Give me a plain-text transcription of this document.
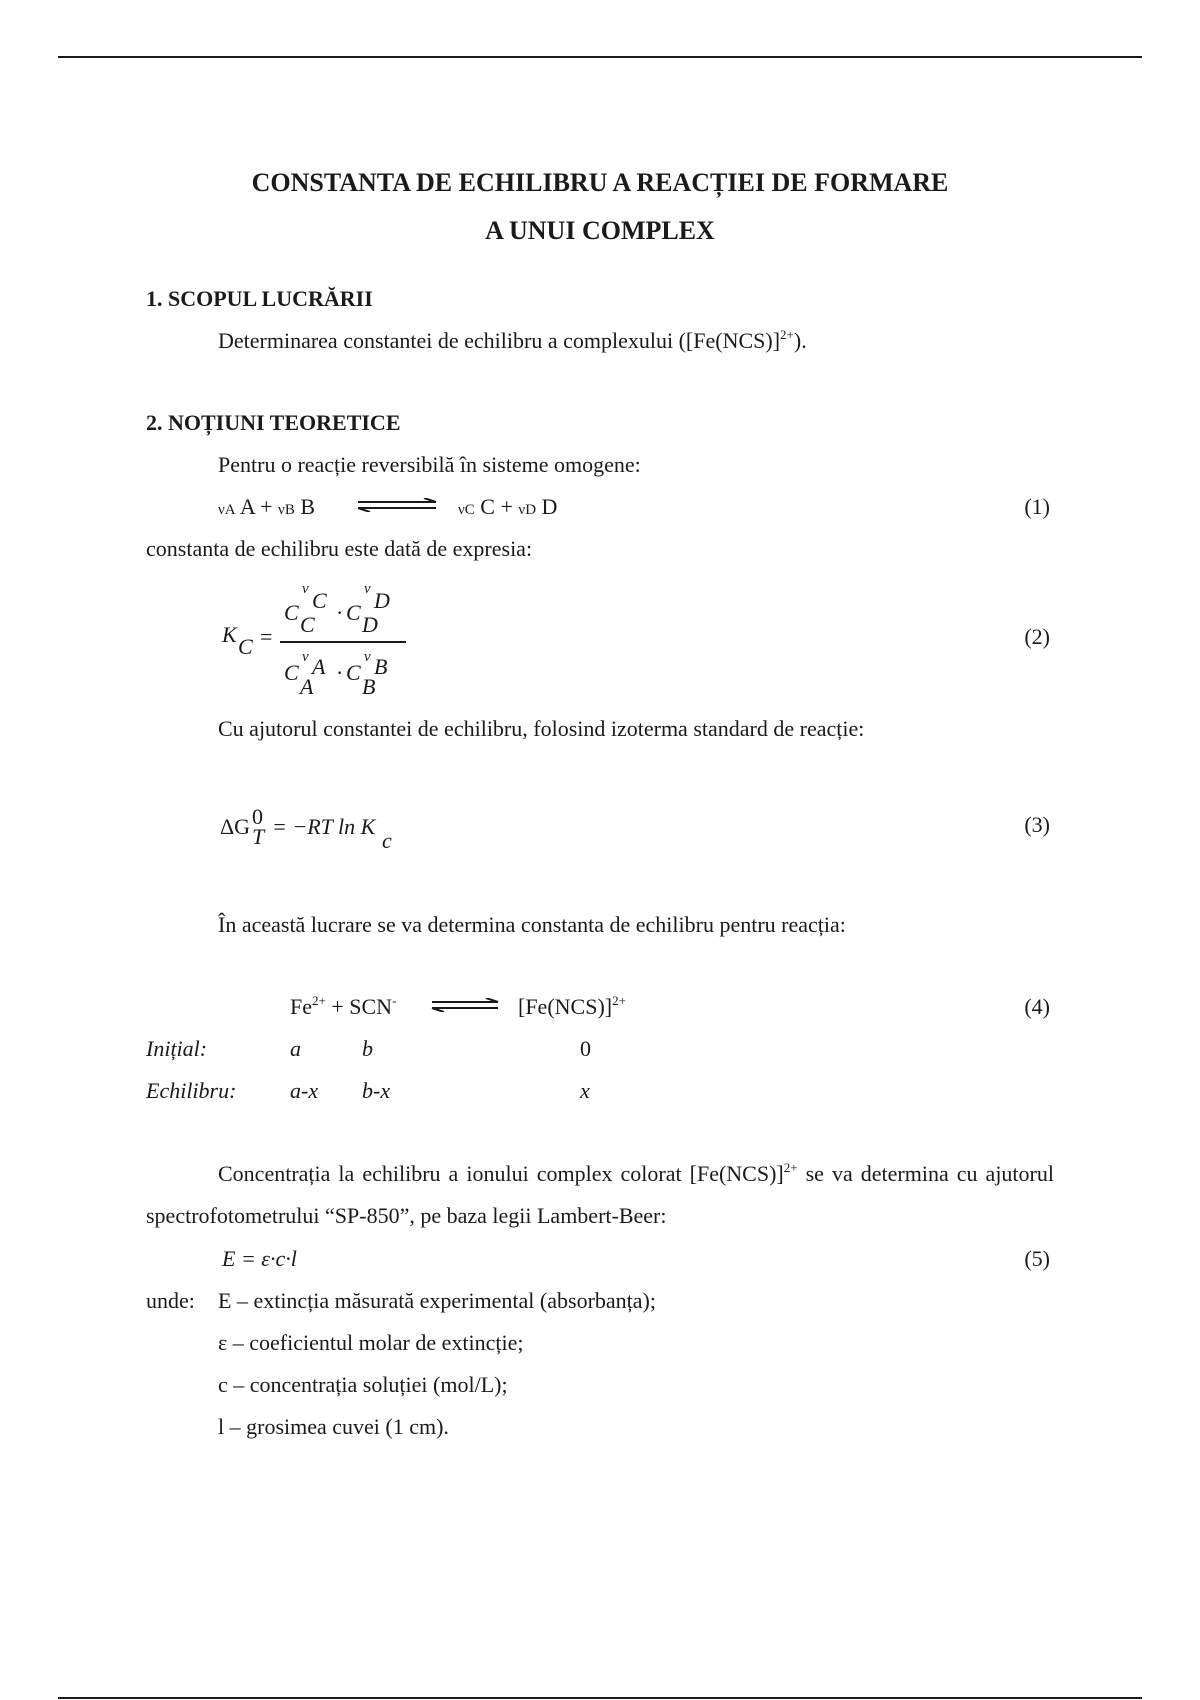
CONSTANTA DE ECHILIBRU A REACȚIEI DE FORMARE
A UNUI COMPLEX
1. SCOPUL LUCRĂRII
Determinarea constantei de echilibru a complexului $([Fe(NCS)]^{2+})$.
2. NOȚIUNI TEORETICE
Pentru o reacție reversibilă în sisteme omogene:
νA A + νB B	νC C + νD D	(1)
constanta de echilibru este dată de expresia:
K C =
C
ν C
C · C
ν D
D
C
ν A
A
· C
ν B
B
(2)
Cu ajutorul constantei de echilibru, folosind izoterma standard de reacție:
ΔG 0
T = −RT ln K
c
(3)
În această lucrare se va determina constanta de echilibru pentru reacția:
$Fe^{2+} + SCN^-$	$[Fe(NCS)]^{2+}$	(4)
Inițial:	a	b	0
Echilibru: a-x b-x	x
Concentrația la echilibru a ionului complex colorat $[Fe(NCS)]^{2+}$ se va determina cu ajutorul spectrofotometrului “SP-850”, pe baza legii Lambert-Beer:
E = ε·c·l	(5)
unde: E – extincția măsurată experimental (absorbanța);
ε – coeficientul molar de extincție;
c – concentrația soluției (mol/L);
l – grosimea cuvei (1 cm).
